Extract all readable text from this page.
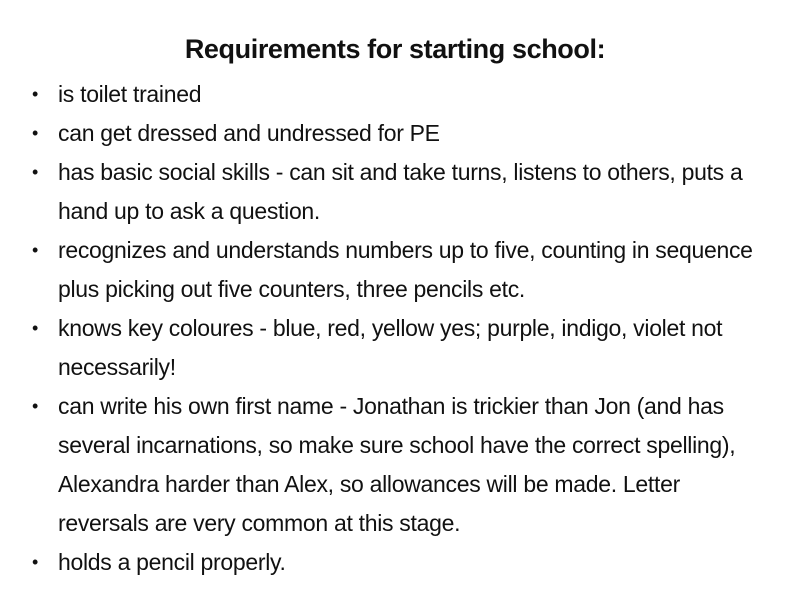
Requirements for starting school:
• is toilet trained
• can get dressed and undressed for PE
• has basic social skills - can sit and take turns, listens to others, puts a hand up to ask a question.
• recognizes and understands numbers up to five, counting in sequence plus picking out five counters, three pencils etc.
• knows key coloures - blue, red, yellow yes; purple, indigo, violet not necessarily!
• can write his own first name - Jonathan is trickier than Jon (and has several incarnations, so make sure school have the correct spelling), Alexandra harder than Alex, so allowances will be made. Letter reversals are very common at this stage.
• holds a pencil properly.
